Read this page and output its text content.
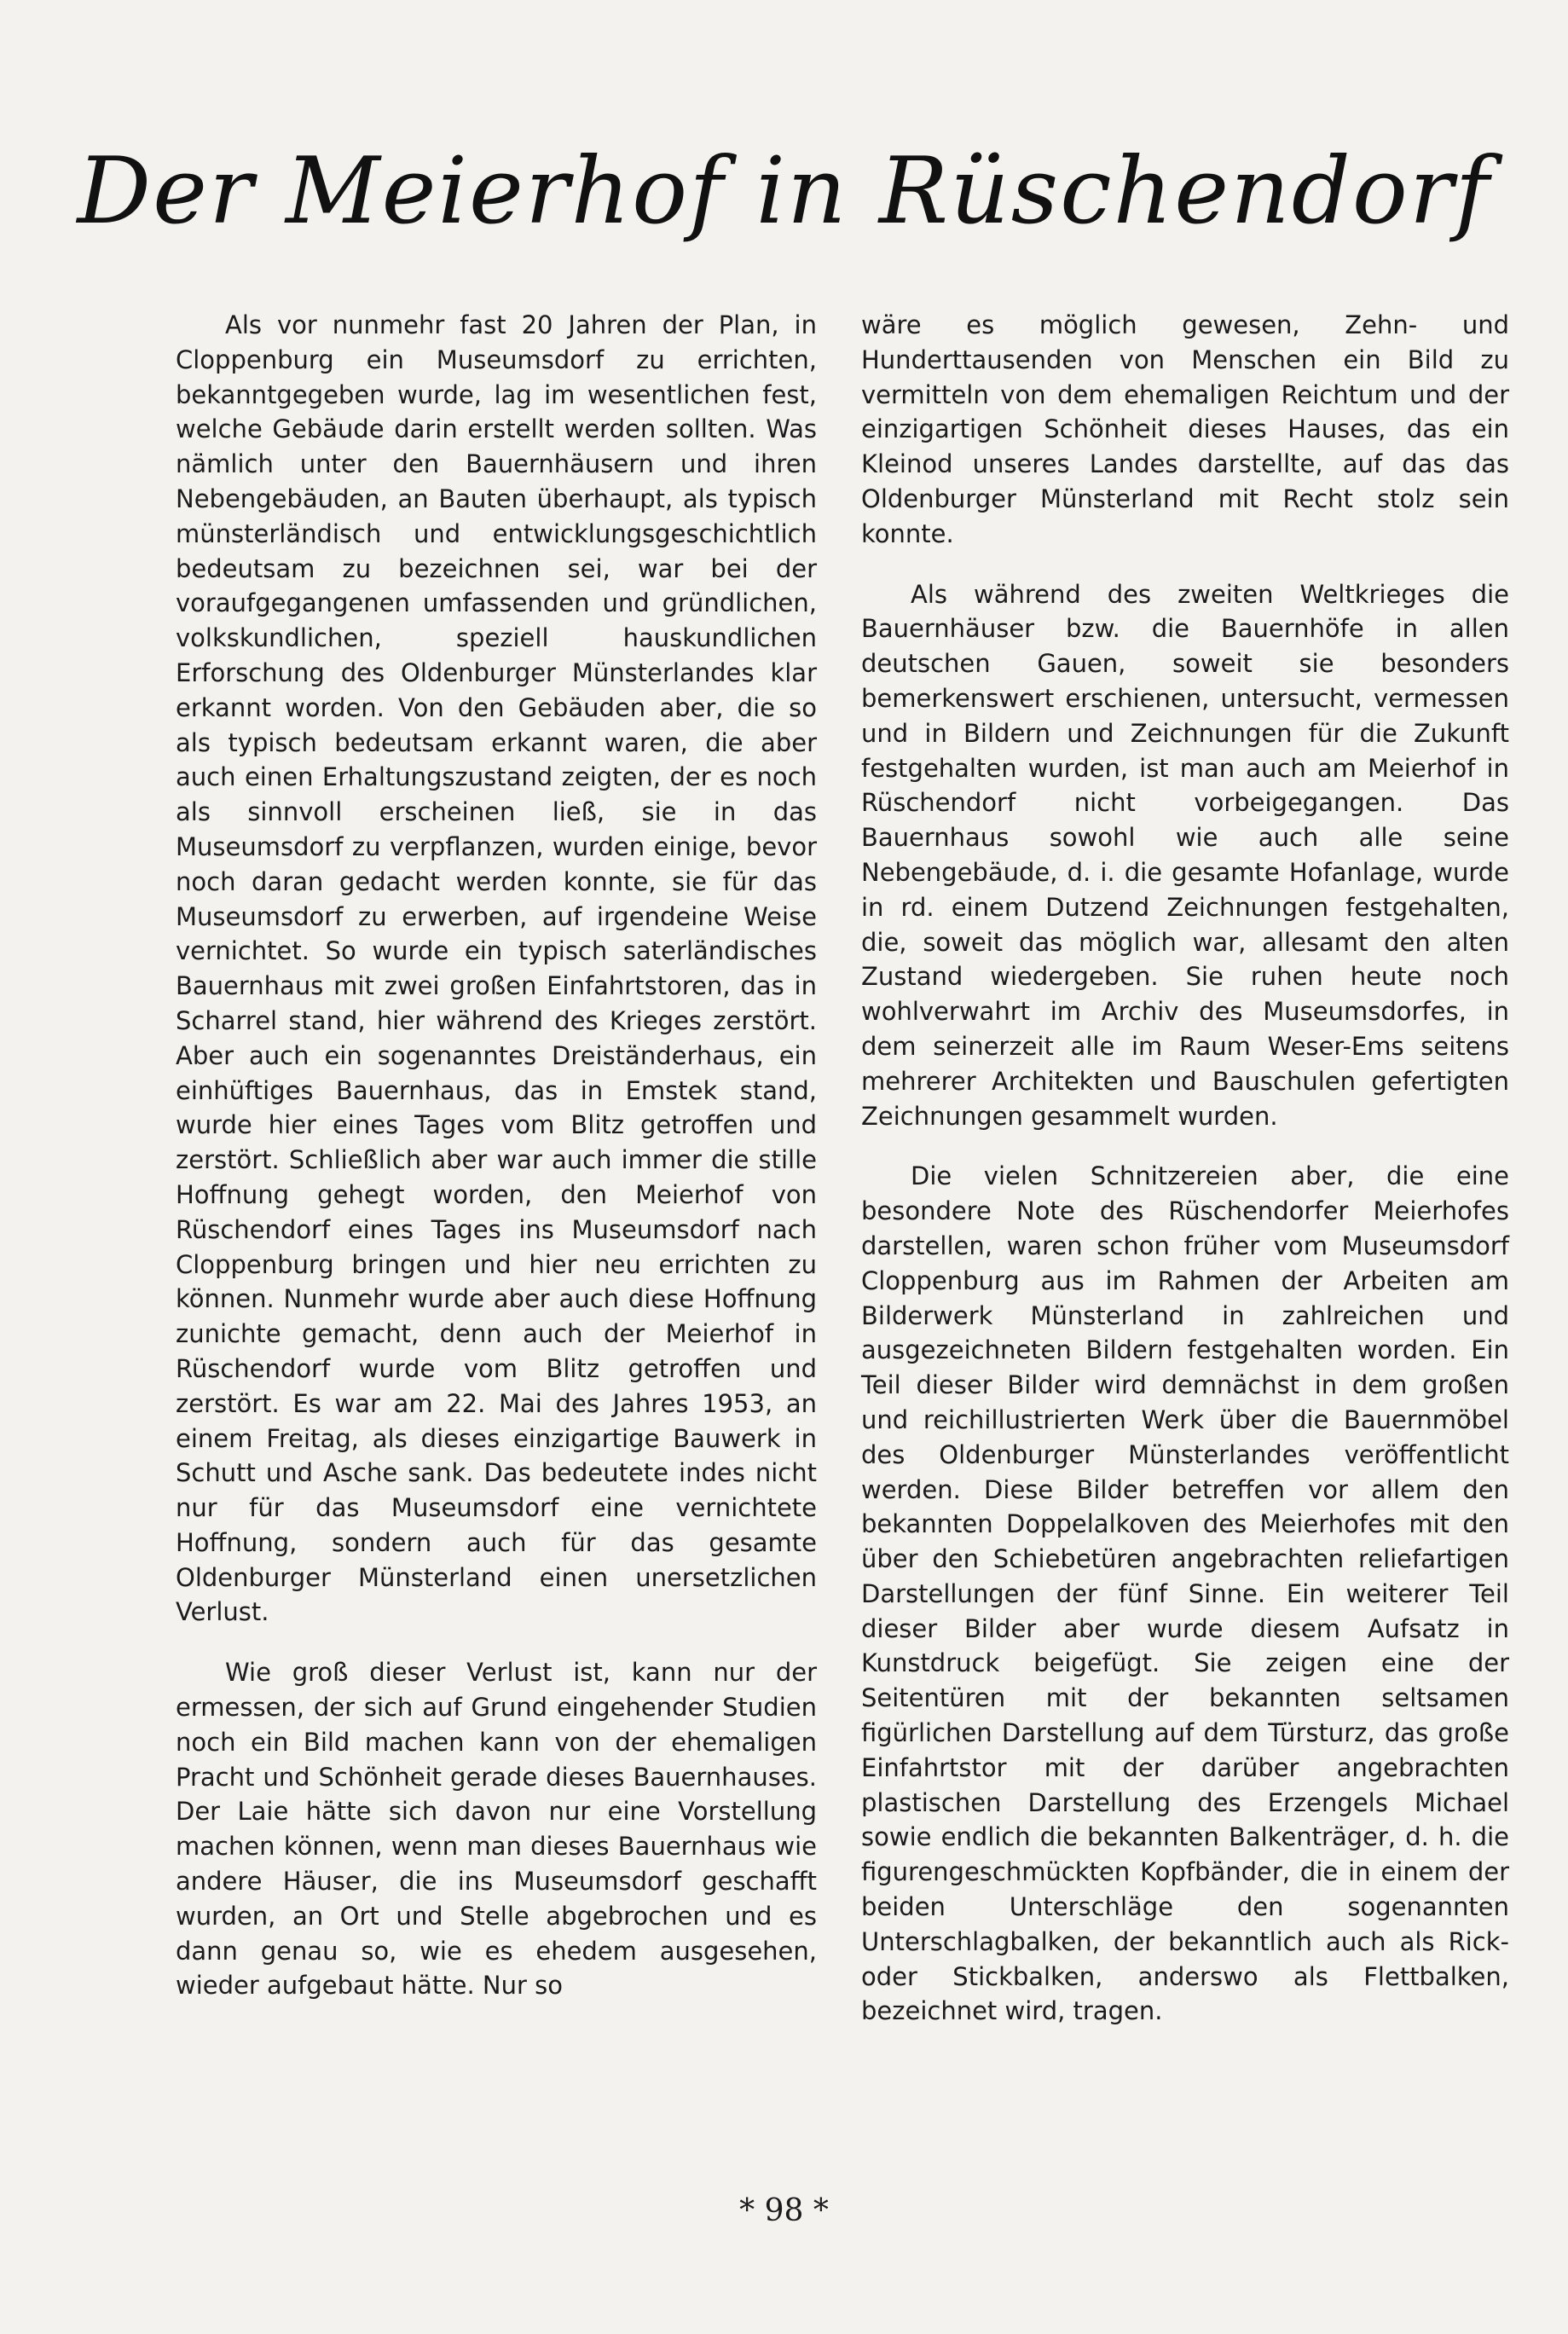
Der Meierhof in Rüschendorf

Als vor nunmehr fast 20 Jahren der Plan, in Cloppenburg ein Museumsdorf zu errichten, bekanntgegeben wurde, lag im wesentlichen fest, welche Gebäude darin erstellt werden sollten. Was nämlich unter den Bauernhäusern und ihren Nebengebäuden, an Bauten überhaupt, als typisch münsterländisch und entwicklungsgeschichtlich bedeutsam zu bezeichnen sei, war bei der voraufgegangenen umfassenden und gründlichen, volkskundlichen, speziell hauskundlichen Erforschung des Oldenburger Münsterlandes klar erkannt worden. Von den Gebäuden aber, die so als typisch bedeutsam erkannt waren, die aber auch einen Erhaltungszustand zeigten, der es noch als sinnvoll erscheinen ließ, sie in das Museumsdorf zu verpflanzen, wurden einige, bevor noch daran gedacht werden konnte, sie für das Museumsdorf zu erwerben, auf irgendeine Weise vernichtet. So wurde ein typisch saterländisches Bauernhaus mit zwei großen Einfahrtstoren, das in Scharrel stand, hier während des Krieges zerstört. Aber auch ein sogenanntes Dreiständerhaus, ein einhüftiges Bauernhaus, das in Emstek stand, wurde hier eines Tages vom Blitz getroffen und zerstört. Schließlich aber war auch immer die stille Hoffnung gehegt worden, den Meierhof von Rüschendorf eines Tages ins Museumsdorf nach Cloppenburg bringen und hier neu errichten zu können. Nunmehr wurde aber auch diese Hoffnung zunichte gemacht, denn auch der Meierhof in Rüschendorf wurde vom Blitz getroffen und zerstört. Es war am 22. Mai des Jahres 1953, an einem Freitag, als dieses einzigartige Bauwerk in Schutt und Asche sank. Das bedeutete indes nicht nur für das Museumsdorf eine vernichtete Hoffnung, sondern auch für das gesamte Oldenburger Münsterland einen unersetzlichen Verlust.

Wie groß dieser Verlust ist, kann nur der ermessen, der sich auf Grund eingehender Studien noch ein Bild machen kann von der ehemaligen Pracht und Schönheit gerade dieses Bauernhauses. Der Laie hätte sich davon nur eine Vorstellung machen können, wenn man dieses Bauernhaus wie andere Häuser, die ins Museumsdorf geschafft wurden, an Ort und Stelle abgebrochen und es dann genau so, wie es ehedem ausgesehen, wieder aufgebaut hätte. Nur so

wäre es möglich gewesen, Zehn- und Hunderttausenden von Menschen ein Bild zu vermitteln von dem ehemaligen Reichtum und der einzigartigen Schönheit dieses Hauses, das ein Kleinod unseres Landes darstellte, auf das das Oldenburger Münsterland mit Recht stolz sein konnte.

Als während des zweiten Weltkrieges die Bauernhäuser bzw. die Bauernhöfe in allen deutschen Gauen, soweit sie besonders bemerkenswert erschienen, untersucht, vermessen und in Bildern und Zeichnungen für die Zukunft festgehalten wurden, ist man auch am Meierhof in Rüschendorf nicht vorbeigegangen. Das Bauernhaus sowohl wie auch alle seine Nebengebäude, d. i. die gesamte Hofanlage, wurde in rd. einem Dutzend Zeichnungen festgehalten, die, soweit das möglich war, allesamt den alten Zustand wiedergeben. Sie ruhen heute noch wohlverwahrt im Archiv des Museumsdorfes, in dem seinerzeit alle im Raum Weser-Ems seitens mehrerer Architekten und Bauschulen gefertigten Zeichnungen gesammelt wurden.

Die vielen Schnitzereien aber, die eine besondere Note des Rüschendorfer Meierhofes darstellen, waren schon früher vom Museumsdorf Cloppenburg aus im Rahmen der Arbeiten am Bilderwerk Münsterland in zahlreichen und ausgezeichneten Bildern festgehalten worden. Ein Teil dieser Bilder wird demnächst in dem großen und reichillustrierten Werk über die Bauernmöbel des Oldenburger Münsterlandes veröffentlicht werden. Diese Bilder betreffen vor allem den bekannten Doppelalkoven des Meierhofes mit den über den Schiebetüren angebrachten reliefartigen Darstellungen der fünf Sinne. Ein weiterer Teil dieser Bilder aber wurde diesem Aufsatz in Kunstdruck beigefügt. Sie zeigen eine der Seitentüren mit der bekannten seltsamen figürlichen Darstellung auf dem Türsturz, das große Einfahrtstor mit der darüber angebrachten plastischen Darstellung des Erzengels Michael sowie endlich die bekannten Balkenträger, d. h. die figurengeschmückten Kopfbänder, die in einem der beiden Unterschläge den sogenannten Unterschlagbalken, der bekanntlich auch als Rick- oder Stickbalken, anderswo als Flettbalken, bezeichnet wird, tragen.

* 98 *
